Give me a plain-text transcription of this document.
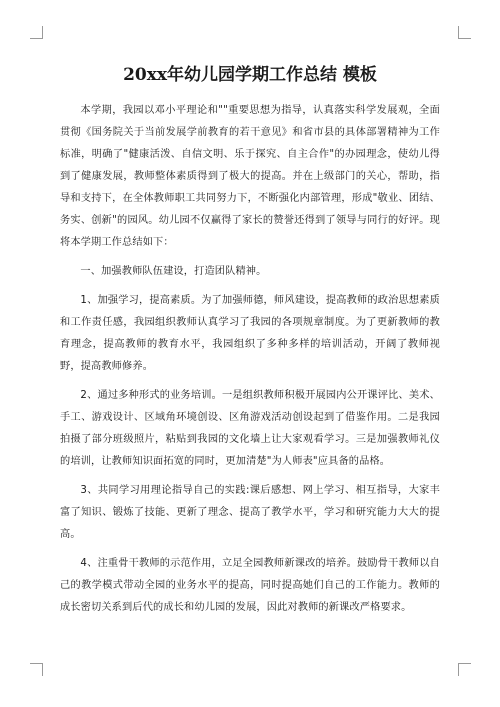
20xx年幼儿园学期工作总结 模板

本学期，我园以邓小平理论和""重要思想为指导，认真落实科学发展观，全面贯彻《国务院关于当前发展学前教育的若干意见》和省市县的具体部署精神为工作标准，明确了"健康活泼、自信文明、乐于探究、自主合作"的办园理念，使幼儿得到了健康发展，教师整体素质得到了极大的提高。并在上级部门的关心，帮助，指导和支持下，在全体教师职工共同努力下，不断强化内部管理，形成"敬业、团结、务实、创新"的园风。幼儿园不仅赢得了家长的赞誉还得到了领导与同行的好评。现将本学期工作总结如下：

一、加强教师队伍建设，打造团队精神。

1、加强学习，提高素质。为了加强师德，师风建设，提高教师的政治思想素质和工作责任感，我园组织教师认真学习了我园的各项规章制度。为了更新教师的教育理念，提高教师的教育水平，我园组织了多种多样的培训活动，开阔了教师视野，提高教师修养。

2、通过多种形式的业务培训。一是组织教师积极开展园内公开课评比、美术、手工、游戏设计、区域角环境创设、区角游戏活动创设起到了借鉴作用。二是我园拍摄了部分班级照片，粘贴到我园的文化墙上让大家观看学习。三是加强教师礼仪的培训，让教师知识面拓宽的同时，更加清楚"为人师表"应具备的品格。

3、共同学习用理论指导自己的实践:课后感想、网上学习、相互指导，大家丰富了知识、锻炼了技能、更新了理念、提高了教学水平，学习和研究能力大大的提高。

4、注重骨干教师的示范作用，立足全园教师新课改的培养。鼓励骨干教师以自己的教学模式带动全园的业务水平的提高，同时提高她们自己的工作能力。教师的成长密切关系到后代的成长和幼儿园的发展，因此对教师的新课改严格要求。
